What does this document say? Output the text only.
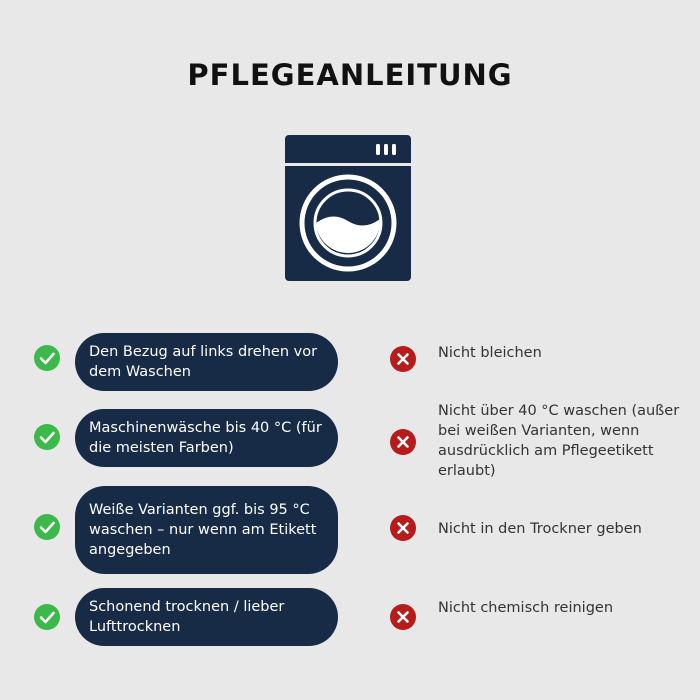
PFLEGEANLEITUNG
Den Bezug auf links drehen vor dem Waschen
Nicht bleichen
Maschinenwäsche bis 40 °C (für die meisten Farben)
Nicht über 40 °C waschen (außer bei weißen Varianten, wenn ausdrücklich am Pflegeetikett erlaubt)
Weiße Varianten ggf. bis 95 °C waschen – nur wenn am Etikett angegeben
Nicht in den Trockner geben
Schonend trocknen / lieber Lufttrocknen
Nicht chemisch reinigen
